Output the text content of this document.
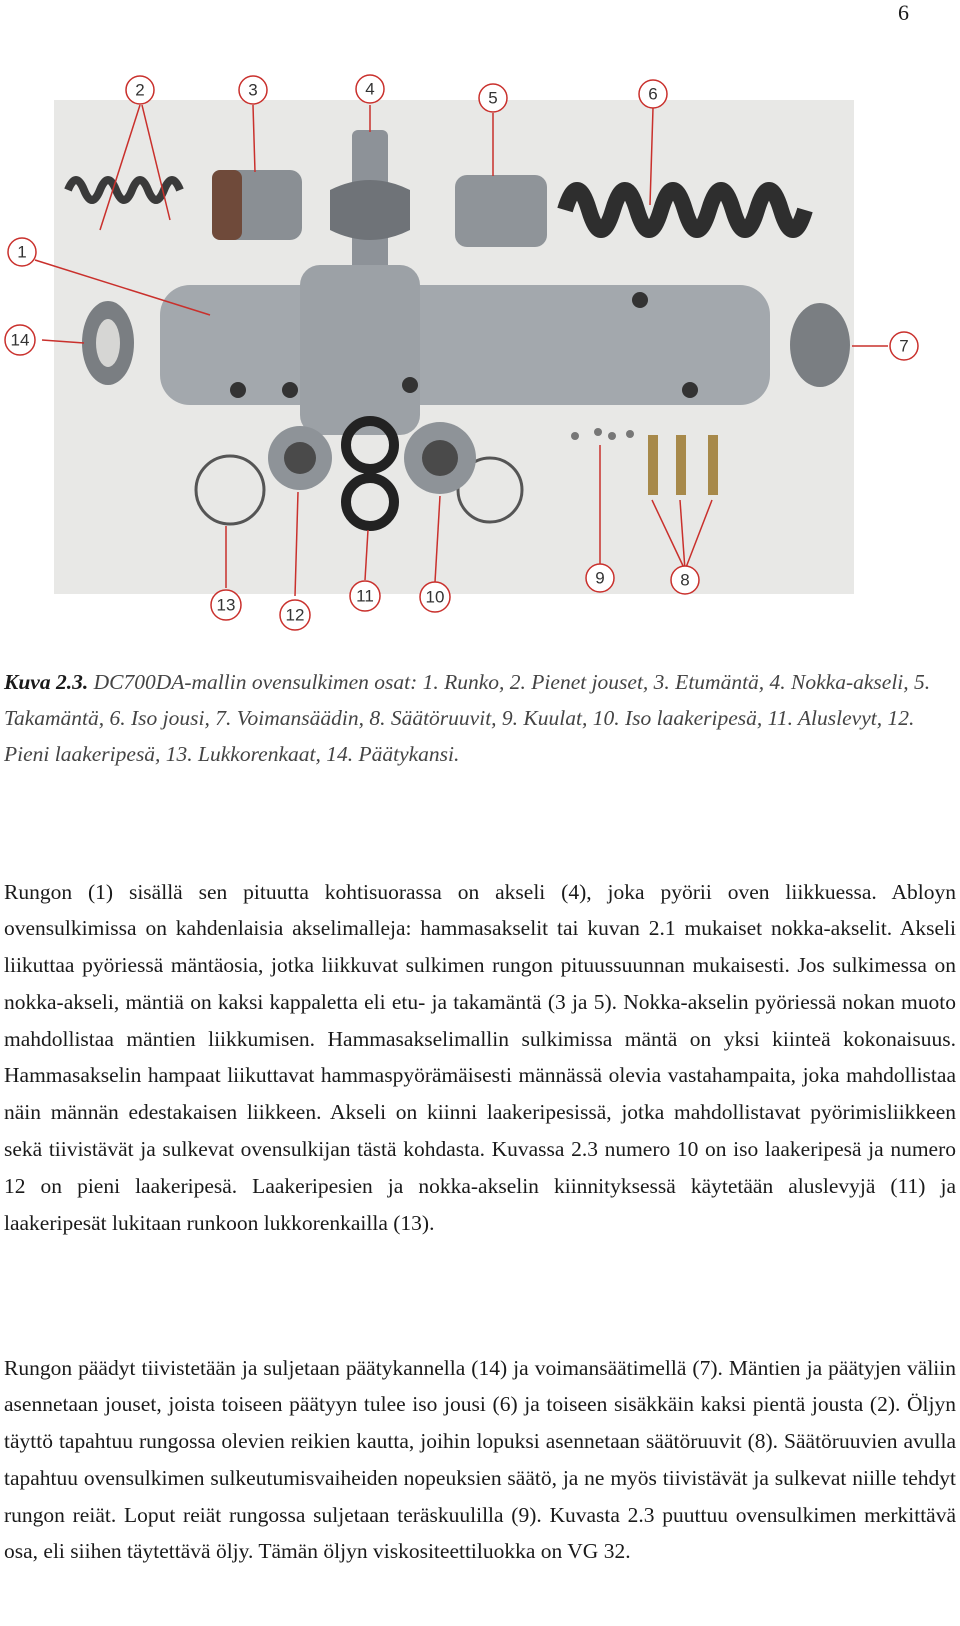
6
2	3	4	5	6
1
14	7
8
9
10
11
12
13
Kuva 2.3. DC700DA-mallin ovensulkimen osat: 1. Runko, 2. Pienet jouset, 3. Etumäntä, 4. Nokka-akseli, 5. Takamäntä, 6. Iso jousi, 7. Voimansäädin, 8. Säätöruuvit, 9. Kuulat, 10. Iso laakeripesä, 11. Aluslevyt, 12. Pieni laakeripesä, 13. Lukkorenkaat, 14. Päätykansi.

Rungon (1) sisällä sen pituutta kohtisuorassa on akseli (4), joka pyörii oven liikkuessa. Abloyn ovensulkimissa on kahdenlaisia akselimalleja: hammasakselit tai kuvan 2.1 mukaiset nokka-akselit. Akseli liikuttaa pyöriessä mäntäosia, jotka liikkuvat sulkimen rungon pituussuunnan mukaisesti. Jos sulkimessa on nokka-akseli, mäntiä on kaksi kappaletta eli etu- ja takamäntä (3 ja 5). Nokka-akselin pyöriessä nokan muoto mahdollistaa mäntien liikkumisen. Hammasakselimallin sulkimissa mäntä on yksi kiinteä kokonaisuus. Hammasakselin hampaat liikuttavat hammaspyörämäisesti männässä olevia vastahampaita, joka mahdollistaa näin männän edestakaisen liikkeen. Akseli on kiinni laakeripesissä, jotka mahdollistavat pyörimisliikkeen sekä tiivistävät ja sulkevat ovensulkijan tästä kohdasta. Kuvassa 2.3 numero 10 on iso laakeripesä ja numero 12 on pieni laakeripesä. Laakeripesien ja nokka-akselin kiinnityksessä käytetään aluslevyjä (11) ja laakeripesät lukitaan runkoon lukkorenkailla (13).

Rungon päädyt tiivistetään ja suljetaan päätykannella (14) ja voimansäätimellä (7). Mäntien ja päätyjen väliin asennetaan jouset, joista toiseen päätyyn tulee iso jousi (6) ja toiseen sisäkkäin kaksi pientä jousta (2). Öljyn täyttö tapahtuu rungossa olevien reikien kautta, joihin lopuksi asennetaan säätöruuvit (8). Säätöruuvien avulla tapahtuu ovensulkimen sulkeutumisvaiheiden nopeuksien säätö, ja ne myös tiivistävät ja sulkevat niille tehdyt rungon reiät. Loput reiät rungossa suljetaan teräskuulilla (9). Kuvasta 2.3 puuttuu ovensulkimen merkittävä osa, eli siihen täytettävä öljy. Tämän öljyn viskositeettiluokka on VG 32.
